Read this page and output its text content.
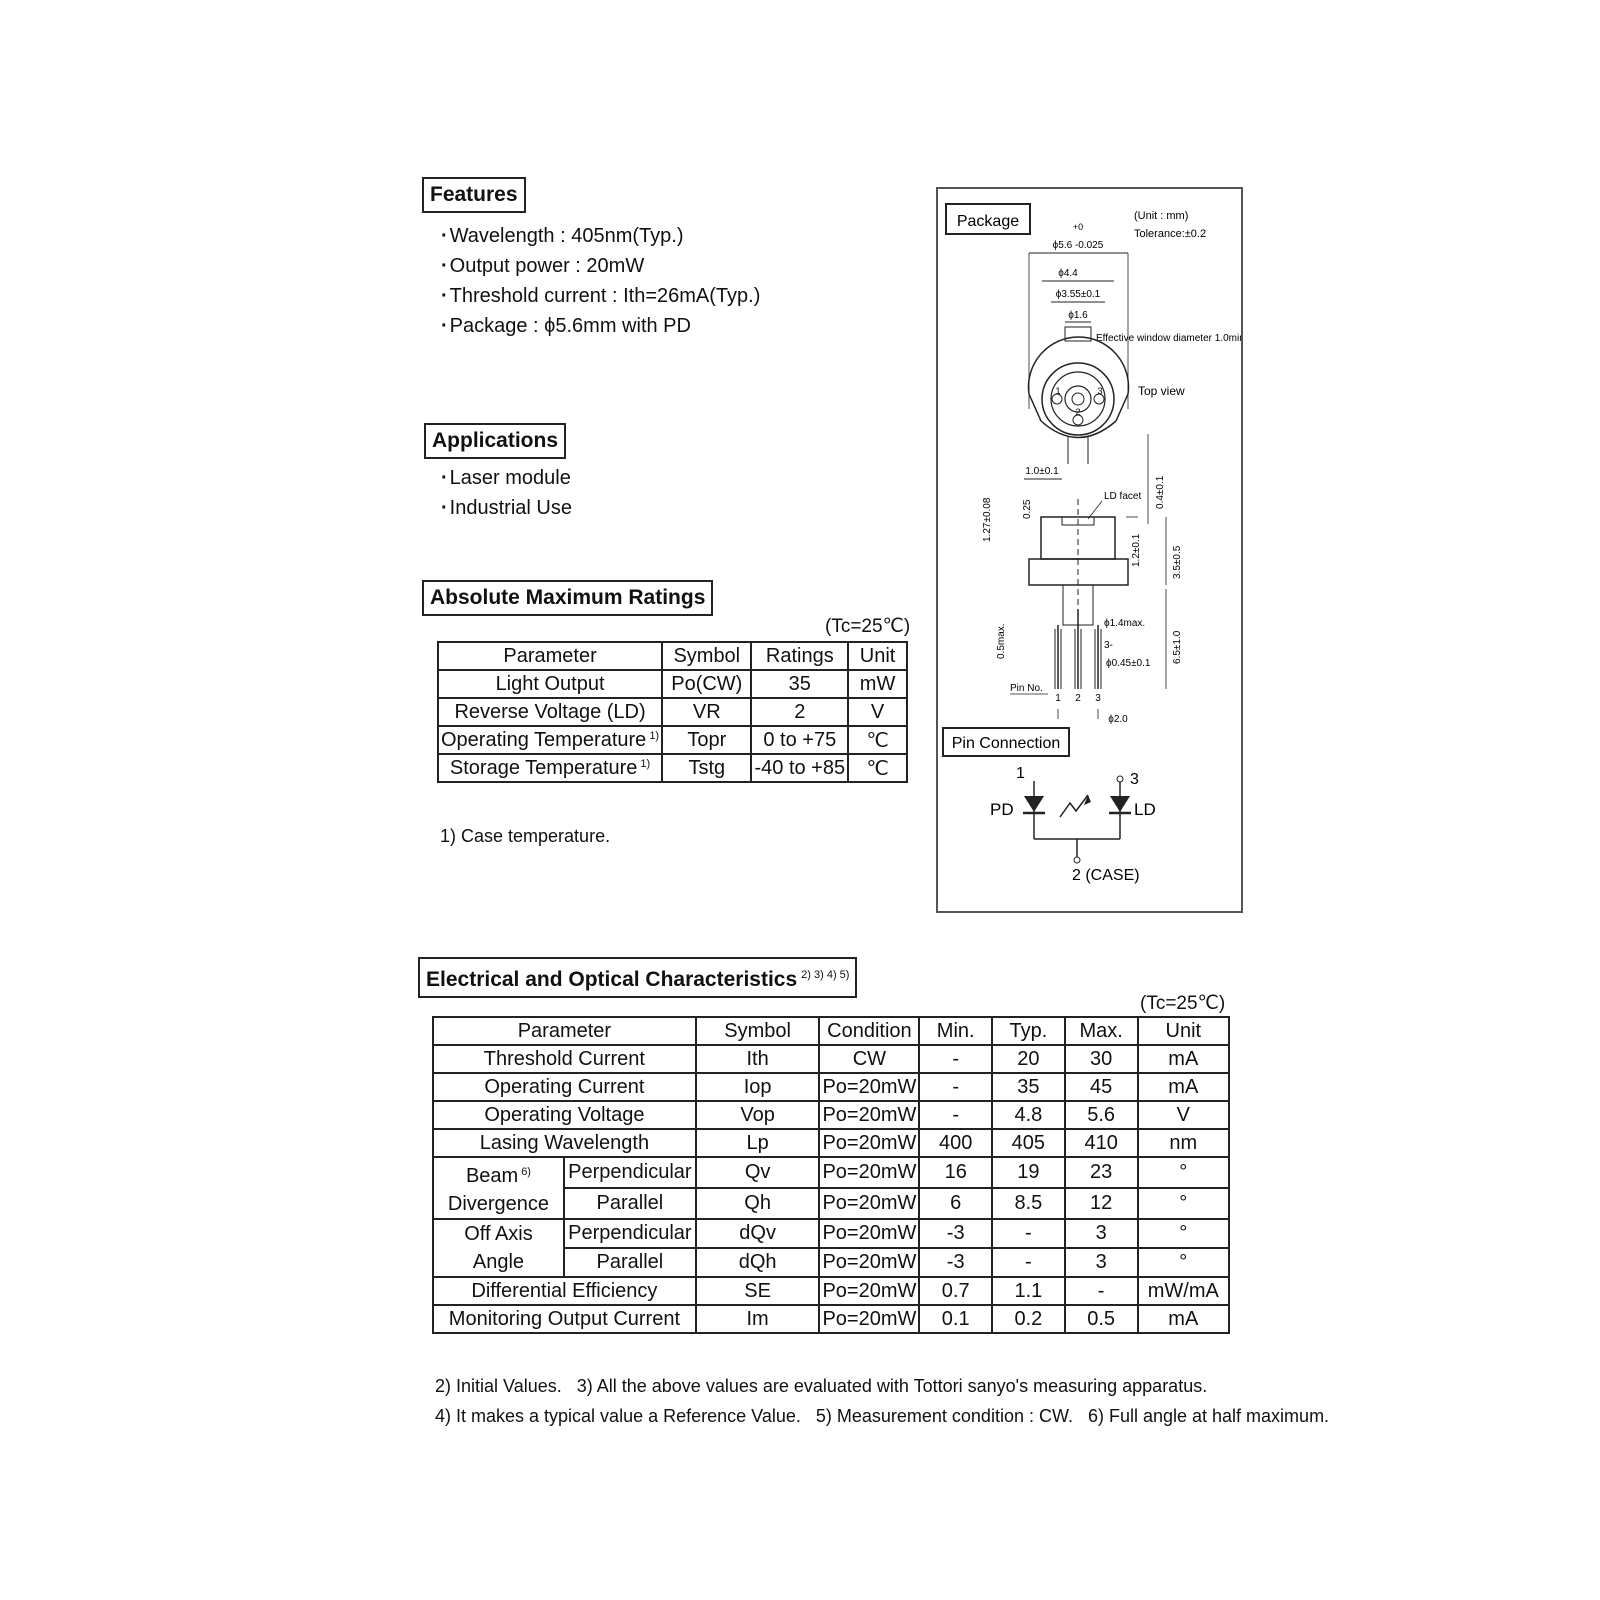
Features
· Wavelength : 405nm(Typ.)
· Output power : 20mW
· Threshold current : Ith=26mA(Typ.)
· Package : ϕ5.6mm with PD
Applications
· Laser module
· Industrial Use
Absolute Maximum Ratings
(Tc=25℃)
Parameter	Symbol	Ratings	Unit
Light Output	Po(CW)	35	mW
Reverse Voltage (LD)	VR	2	V
Operating Temperature $^{1)}$	Topr	0 to +75	℃
Storage Temperature $^{1)}$	Tstg	-40 to +85	℃
1) Case temperature.
Package	(Unit : mm)
Tolerance:±0.2
+0
ϕ5.6 -0.025
ϕ4.4
ϕ3.55±0.1
ϕ1.6
Effective window diameter 1.0min
1
2
3	Top view
1.0±0.1
LD facet 0.4±0.1
1.27±0.08	0.25
1.2±0.1	3.5±0.5
0.5max.	ϕ1.4max.
3-
ϕ0.45±0.1 6.5±1.0
Pin No.
1 2 3
ϕ2.0
Pin Connection
1	3
PD	LD
2 (CASE)
Electrical and Optical Characteristics $^{2) 3) 4) 5)}$
(Tc=25℃)
Parameter		Symbol	Condition	Min.	Typ.	Max.	Unit
Threshold Current		Ith	CW	-	20	30	mA
Operating Current		Iop	Po=20mW	-	35	45	mA
Operating Voltage		Vop	Po=20mW	-	4.8	5.6	V
Lasing Wavelength		Lp	Po=20mW	400	405	410	nm
Beam $^{6)}$
Divergence	Perpendicular	Qv	Po=20mW	16	19	23	°
	Parallel	Qh	Po=20mW	6	8.5	12	°
Off Axis
Angle	Perpendicular	dQv	Po=20mW	-3	-	3	°
	Parallel	dQh	Po=20mW	-3	-	3	°
Differential Efficiency		SE	Po=20mW	0.7	1.1	-	mW/mA
Monitoring Output Current		Im	Po=20mW	0.1	0.2	0.5	mA
2) Initial Values.   3) All the above values are evaluated with Tottori sanyo's measuring apparatus.
4) It makes a typical value a Reference Value.   5) Measurement condition : CW.   6) Full angle at half maximum.
